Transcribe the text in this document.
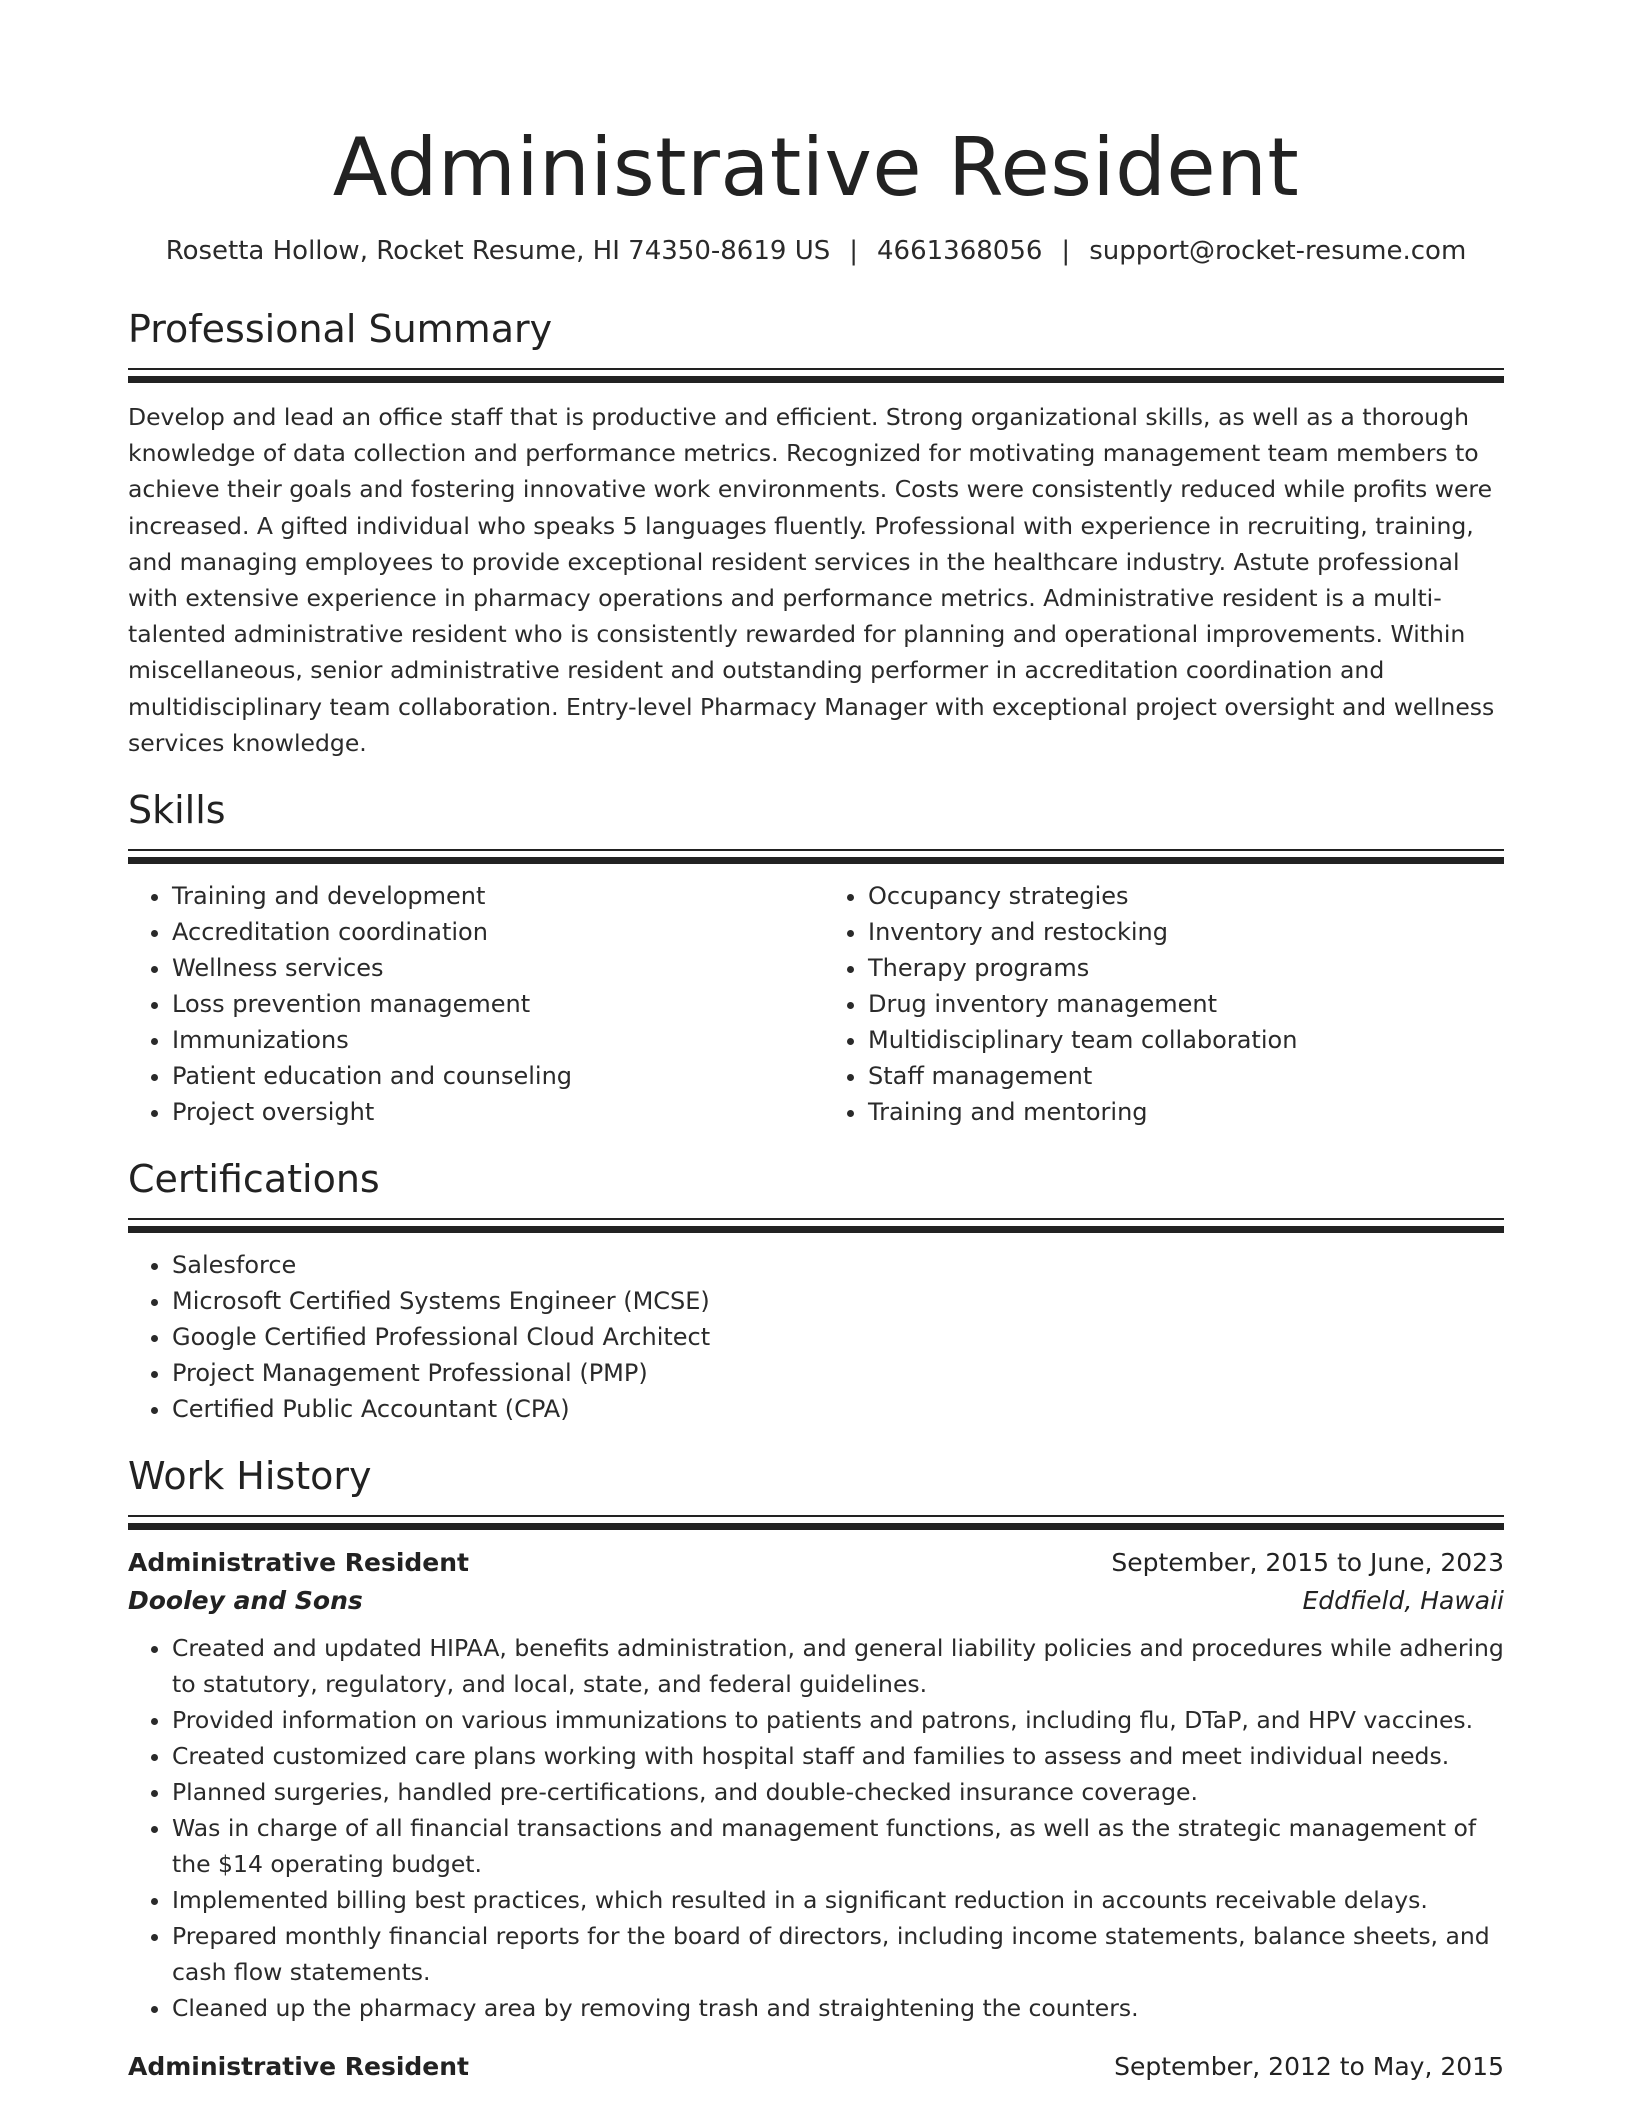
Administrative Resident
Rosetta Hollow, Rocket Resume, HI 74350-8619 US | 4661368056 | support@rocket-resume.com
Professional Summary

Develop and lead an office staff that is productive and efficient. Strong organizational skills, as well as a thorough knowledge of data collection and performance metrics. Recognized for motivating management team members to achieve their goals and fostering innovative work environments. Costs were consistently reduced while profits were increased. A gifted individual who speaks 5 languages fluently. Professional with experience in recruiting, training, and managing employees to provide exceptional resident services in the healthcare industry. Astute professional with extensive experience in pharmacy operations and performance metrics. Administrative resident is a multi-talented administrative resident who is consistently rewarded for planning and operational improvements. Within miscellaneous, senior administrative resident and outstanding performer in accreditation coordination and multidisciplinary team collaboration. Entry-level Pharmacy Manager with exceptional project oversight and wellness services knowledge.

Skills
• Training and development
• Accreditation coordination
• Wellness services
• Loss prevention management
• Immunizations
• Patient education and counseling
• Project oversight
• Occupancy strategies
• Inventory and restocking
• Therapy programs
• Drug inventory management
• Multidisciplinary team collaboration
• Staff management
• Training and mentoring
Certifications
• Salesforce
• Microsoft Certified Systems Engineer (MCSE)
• Google Certified Professional Cloud Architect
• Project Management Professional (PMP)
• Certified Public Accountant (CPA)
Work History
Administrative Resident	September, 2015 to June, 2023
Dooley and Sons	Eddfield, Hawaii
• Created and updated HIPAA, benefits administration, and general liability policies and procedures while adhering to statutory, regulatory, and local, state, and federal guidelines.
• Provided information on various immunizations to patients and patrons, including flu, DTaP, and HPV vaccines.
• Created customized care plans working with hospital staff and families to assess and meet individual needs.
• Planned surgeries, handled pre-certifications, and double-checked insurance coverage.
• Was in charge of all financial transactions and management functions, as well as the strategic management of the $14 operating budget.
• Implemented billing best practices, which resulted in a significant reduction in accounts receivable delays.
• Prepared monthly financial reports for the board of directors, including income statements, balance sheets, and cash flow statements.
• Cleaned up the pharmacy area by removing trash and straightening the counters.
Administrative Resident	September, 2012 to May, 2015
